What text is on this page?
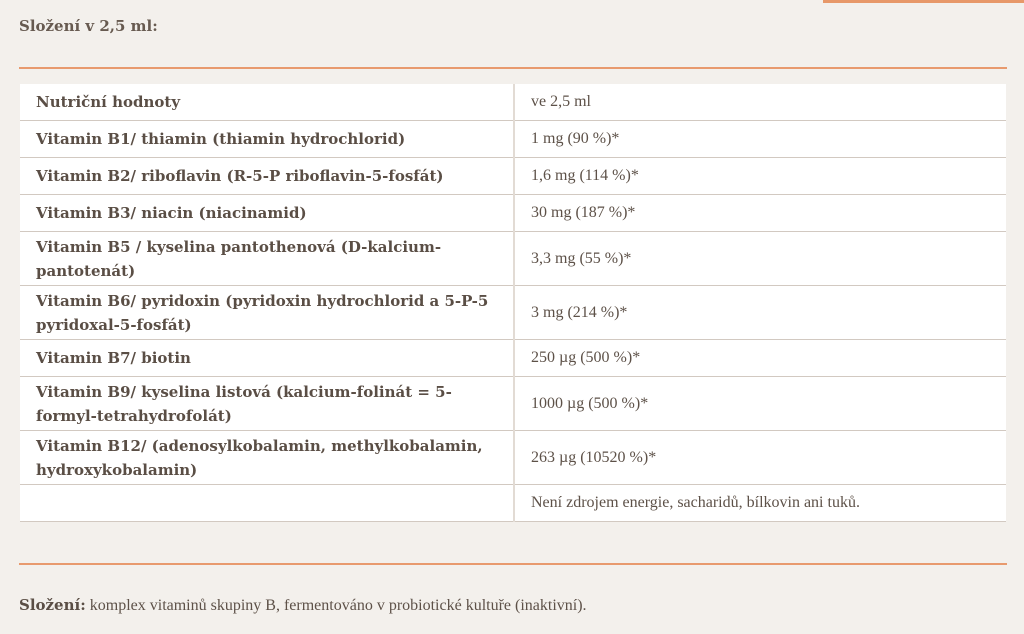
Složení v 2,5 ml:
Nutriční hodnoty	ve 2,5 ml
Vitamin B1/ thiamin (thiamin hydrochlorid)	1 mg (90 %)*
Vitamin B2/ riboflavin (R-5-P riboflavin-5-fosfát)	1,6 mg (114 %)*
Vitamin B3/ niacin (niacinamid)	30 mg (187 %)*
Vitamin B5 / kyselina pantothenová (D-kalcium-pantotenát)	3,3 mg (55 %)*
Vitamin B6/ pyridoxin (pyridoxin hydrochlorid a 5-P-5 pyridoxal-5-fosfát)	3 mg (214 %)*
Vitamin B7/ biotin	250 µg (500 %)*
Vitamin B9/ kyselina listová (kalcium-folinát = 5-formyl-tetrahydrofolát)	1000 µg (500 %)*
Vitamin B12/ (adenosylkobalamin, methylkobalamin, hydroxykobalamin)	263 µg (10520 %)*
	Není zdrojem energie, sacharidů, bílkovin ani tuků.

Složení: komplex vitaminů skupiny B, fermentováno v probiotické kultuře (inaktivní).
